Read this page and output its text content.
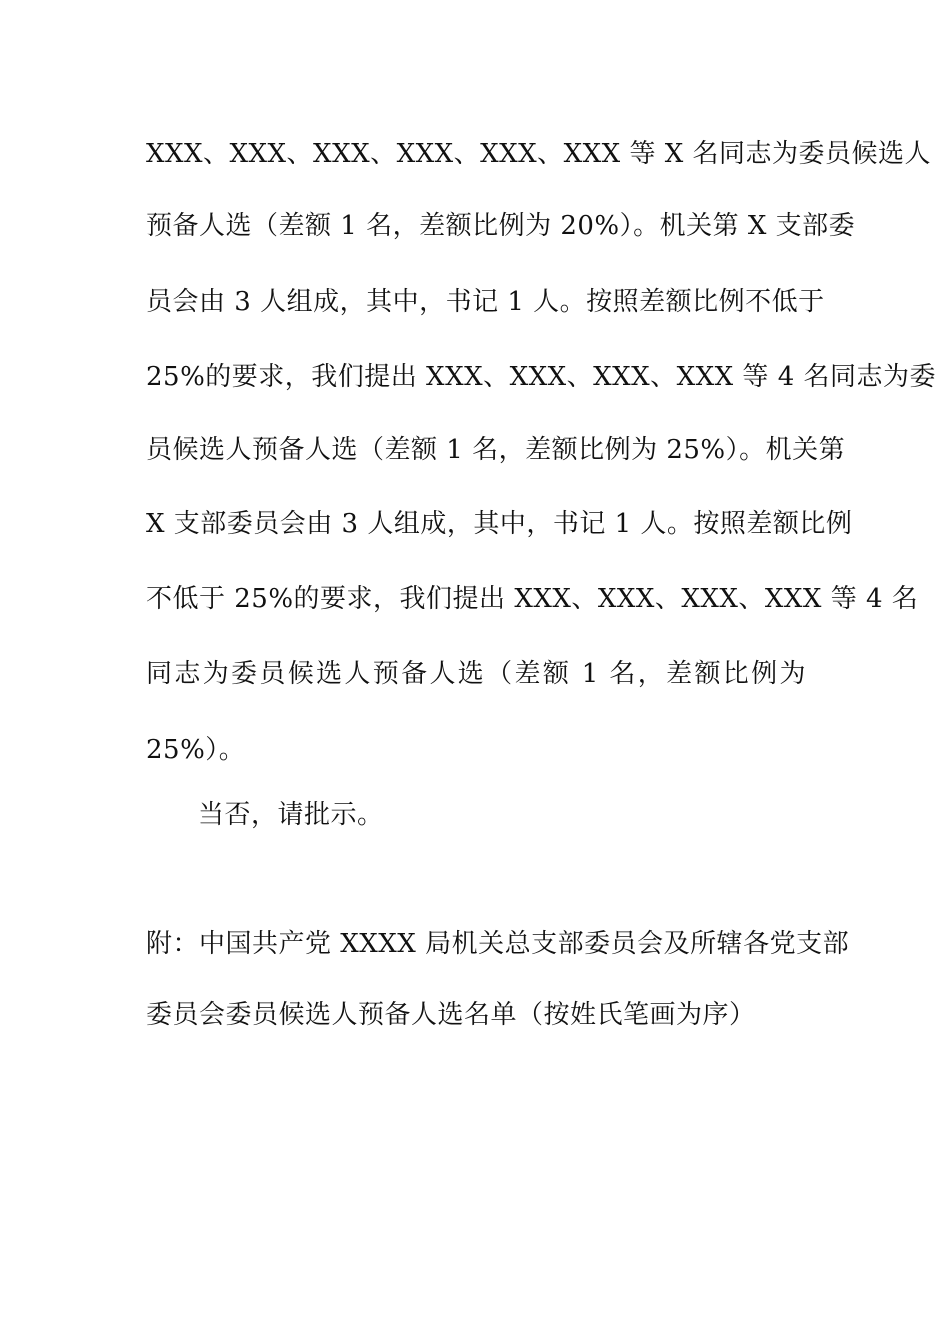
XXX、XXX、XXX、XXX、XXX、XXX 等 X 名同志为委员候选人
预备人选（差额 1 名，差额比例为 20%）。机关第 X 支部委
员会由 3 人组成，其中，书记 1 人。按照差额比例不低于
25%的要求，我们提出 XXX、XXX、XXX、XXX 等 4 名同志为委
员候选人预备人选（差额 1 名，差额比例为 25%）。机关第
X 支部委员会由 3 人组成，其中，书记 1 人。按照差额比例
不低于 25%的要求，我们提出 XXX、XXX、XXX、XXX 等 4 名
同志为委员候选人预备人选（差额 1 名，差额比例为
25%）。
当否，请批示。
附：中国共产党 XXXX 局机关总支部委员会及所辖各党支部
委员会委员候选人预备人选名单（按姓氏笔画为序）
